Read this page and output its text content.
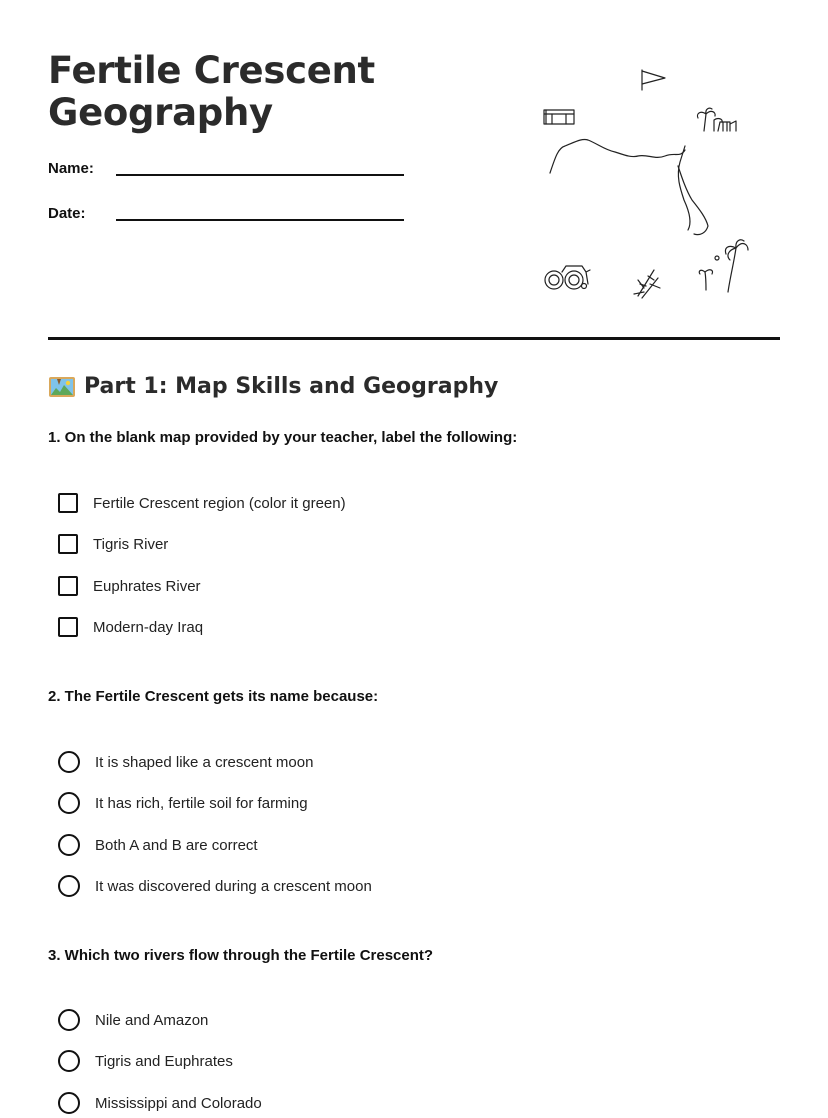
Fertile Crescent
Geography
Name:
Date:
Part 1: Map Skills and Geography
1. On the blank map provided by your teacher, label the following:
Fertile Crescent region (color it green)
Tigris River
Euphrates River
Modern-day Iraq
2. The Fertile Crescent gets its name because:
It is shaped like a crescent moon
It has rich, fertile soil for farming
Both A and B are correct
It was discovered during a crescent moon
3. Which two rivers flow through the Fertile Crescent?
Nile and Amazon
Tigris and Euphrates
Mississippi and Colorado
